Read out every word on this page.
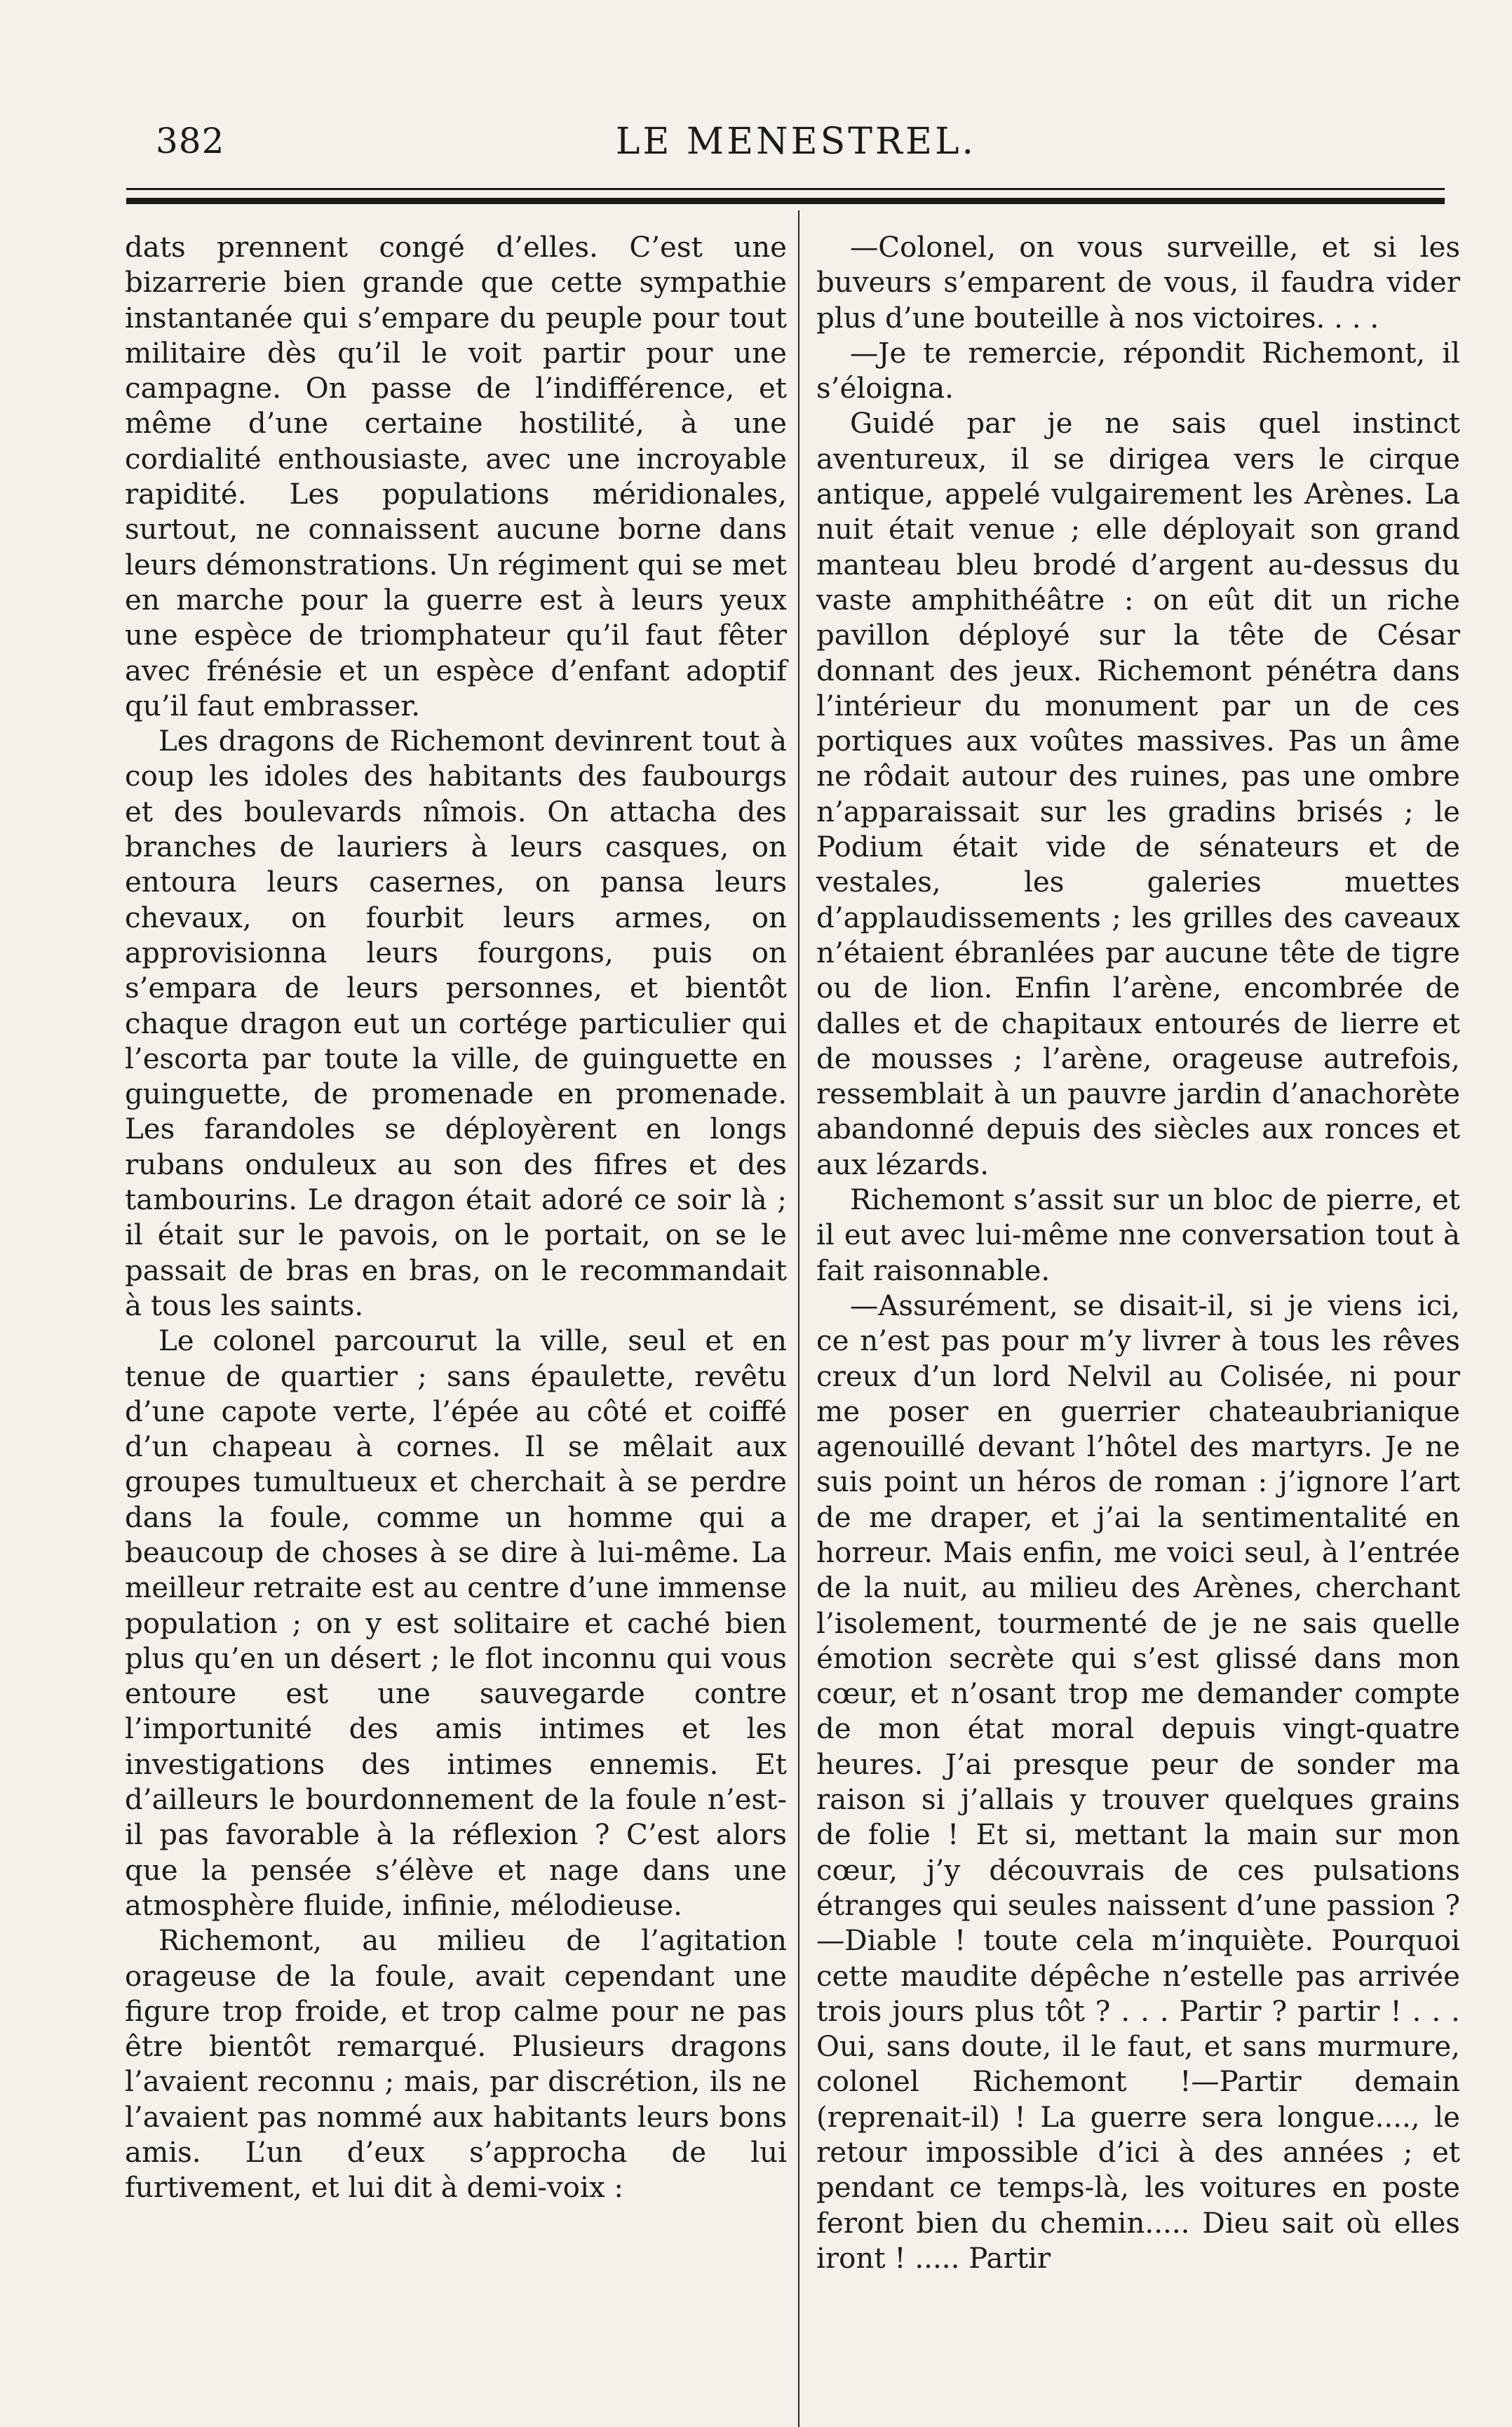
382	LE MENESTREL.

dats prennent congé d’elles. C’est une bizarrerie bien grande que cette sympathie instantanée qui s’empare du peuple pour tout militaire dès qu’il le voit partir pour une campagne. On passe de l’indifférence, et même d’une certaine hostilité, à une cordialité enthousiaste, avec une incroyable rapidité. Les populations méridionales, surtout, ne connaissent aucune borne dans leurs démonstrations. Un régiment qui se met en marche pour la guerre est à leurs yeux une espèce de triomphateur qu’il faut fêter avec frénésie et un espèce d’enfant adoptif qu’il faut embrasser.

Les dragons de Richemont devinrent tout à coup les idoles des habitants des faubourgs et des boulevards nîmois. On attacha des branches de lauriers à leurs casques, on entoura leurs casernes, on pansa leurs chevaux, on fourbit leurs armes, on approvisionna leurs fourgons, puis on s’empara de leurs personnes, et bientôt chaque dragon eut un cortége particulier qui l’escorta par toute la ville, de guinguette en guinguette, de promenade en promenade. Les farandoles se déployèrent en longs rubans onduleux au son des fifres et des tambourins. Le dragon était adoré ce soir là ; il était sur le pavois, on le portait, on se le passait de bras en bras, on le recommandait à tous les saints.

Le colonel parcourut la ville, seul et en tenue de quartier ; sans épaulette, revêtu d’une capote verte, l’épée au côté et coiffé d’un chapeau à cornes. Il se mêlait aux groupes tumultueux et cherchait à se perdre dans la foule, comme un homme qui a beaucoup de choses à se dire à lui-même. La meilleur retraite est au centre d’une immense population ; on y est solitaire et caché bien plus qu’en un désert ; le flot inconnu qui vous entoure est une sauvegarde contre l’importunité des amis intimes et les investigations des intimes ennemis. Et d’ailleurs le bourdonnement de la foule n’est-il pas favorable à la réflexion ? C’est alors que la pensée s’élève et nage dans une atmosphère fluide, infinie, mélodieuse.

Richemont, au milieu de l’agitation orageuse de la foule, avait cependant une figure trop froide, et trop calme pour ne pas être bientôt remarqué. Plusieurs dragons l’avaient reconnu ; mais, par discrétion, ils ne l’avaient pas nommé aux habitants leurs bons amis. L’un d’eux s’approcha de lui furtivement, et lui dit à demi-voix :

—Colonel, on vous surveille, et si les buveurs s’emparent de vous, il faudra vider plus d’une bouteille à nos victoires. . . .

—Je te remercie, répondit Richemont, il s’éloigna.

Guidé par je ne sais quel instinct aventureux, il se dirigea vers le cirque antique, appelé vulgairement les Arènes. La nuit était venue ; elle déployait son grand manteau bleu brodé d’argent au-dessus du vaste amphithéâtre : on eût dit un riche pavillon déployé sur la tête de César donnant des jeux. Richemont pénétra dans l’intérieur du monument par un de ces portiques aux voûtes massives. Pas un âme ne rôdait autour des ruines, pas une ombre n’apparaissait sur les gradins brisés ; le Podium était vide de sénateurs et de vestales, les galeries muettes d’applaudissements ; les grilles des caveaux n’étaient ébranlées par aucune tête de tigre ou de lion. Enfin l’arène, encombrée de dalles et de chapitaux entourés de lierre et de mousses ; l’arène, orageuse autrefois, ressemblait à un pauvre jardin d’anachorète abandonné depuis des siècles aux ronces et aux lézards.

Richemont s’assit sur un bloc de pierre, et il eut avec lui-même nne conversation tout à fait raisonnable.

—Assurément, se disait-il, si je viens ici, ce n’est pas pour m’y livrer à tous les rêves creux d’un lord Nelvil au Colisée, ni pour me poser en guerrier chateaubrianique agenouillé devant l’hôtel des martyrs. Je ne suis point un héros de roman : j’ignore l’art de me draper, et j’ai la sentimentalité en horreur. Mais enfin, me voici seul, à l’entrée de la nuit, au milieu des Arènes, cherchant l’isolement, tourmenté de je ne sais quelle émotion secrète qui s’est glissé dans mon cœur, et n’osant trop me demander compte de mon état moral depuis vingt-quatre heures. J’ai presque peur de sonder ma raison si j’allais y trouver quelques grains de folie ! Et si, mettant la main sur mon cœur, j’y découvrais de ces pulsations étranges qui seules naissent d’une passion ?—Diable ! toute cela m’inquiète. Pourquoi cette maudite dépêche n’estelle pas arrivée trois jours plus tôt ? . . . Partir ? partir ! . . . Oui, sans doute, il le faut, et sans murmure, colonel Richemont !—Partir demain (reprenait-il) ! La guerre sera longue...., le retour impossible d’ici à des années ; et pendant ce temps-là, les voitures en poste feront bien du chemin..... Dieu sait où elles iront ! ..... Partir
